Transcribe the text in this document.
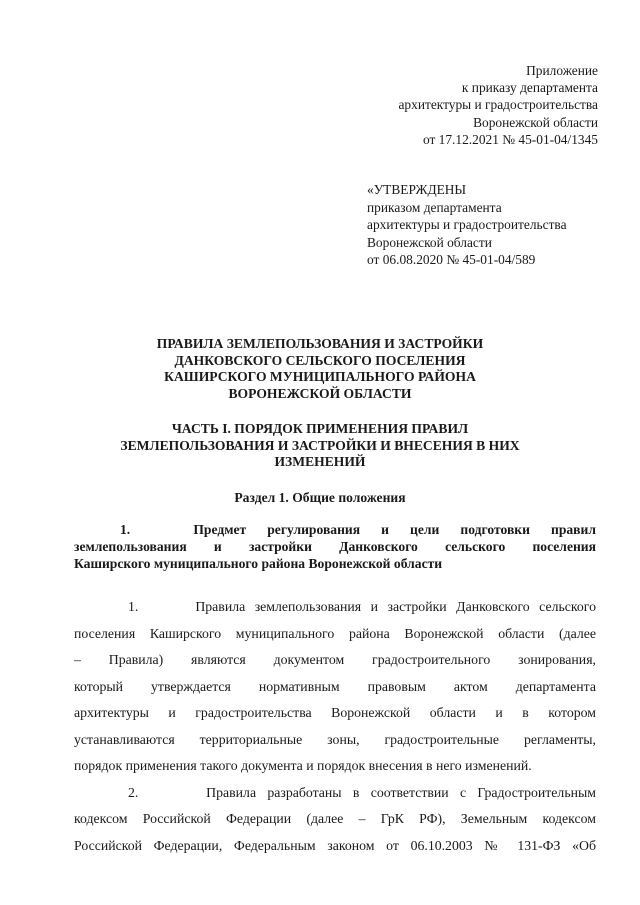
Приложение
к приказу департамента
архитектуры и градостроительства
Воронежской области
от 17.12.2021 № 45-01-04/1345
«УТВЕРЖДЕНЫ
приказом департамента
архитектуры и градостроительства
Воронежской области
от 06.08.2020 № 45-01-04/589
ПРАВИЛА ЗЕМЛЕПОЛЬЗОВАНИЯ И ЗАСТРОЙКИ
ДАНКОВСКОГО СЕЛЬСКОГО ПОСЕЛЕНИЯ
КАШИРСКОГО МУНИЦИПАЛЬНОГО РАЙОНА
ВОРОНЕЖСКОЙ ОБЛАСТИ
ЧАСТЬ I. ПОРЯДОК ПРИМЕНЕНИЯ ПРАВИЛ
ЗЕМЛЕПОЛЬЗОВАНИЯ И ЗАСТРОЙКИ И ВНЕСЕНИЯ В НИХ
ИЗМЕНЕНИЙ
Раздел 1. Общие положения
1.   Предмет регулирования и цели подготовки правил
землепользования и застройки Данковского сельского поселения
Каширского муниципального района Воронежской области
1.      Правила землепользования и застройки Данковского сельского
поселения Каширского муниципального района Воронежской области (далее
– Правила) являются документом градостроительного зонирования,
который утверждается нормативным правовым актом департамента
архитектуры и градостроительства Воронежской области и в котором
устанавливаются территориальные зоны, градостроительные регламенты,
порядок применения такого документа и порядок внесения в него изменений.
2.      Правила разработаны в соответствии с Градостроительным
кодексом Российской Федерации (далее – ГрК РФ), Земельным кодексом
Российской Федерации, Федеральным законом от 06.10.2003 № 131-ФЗ «Об
